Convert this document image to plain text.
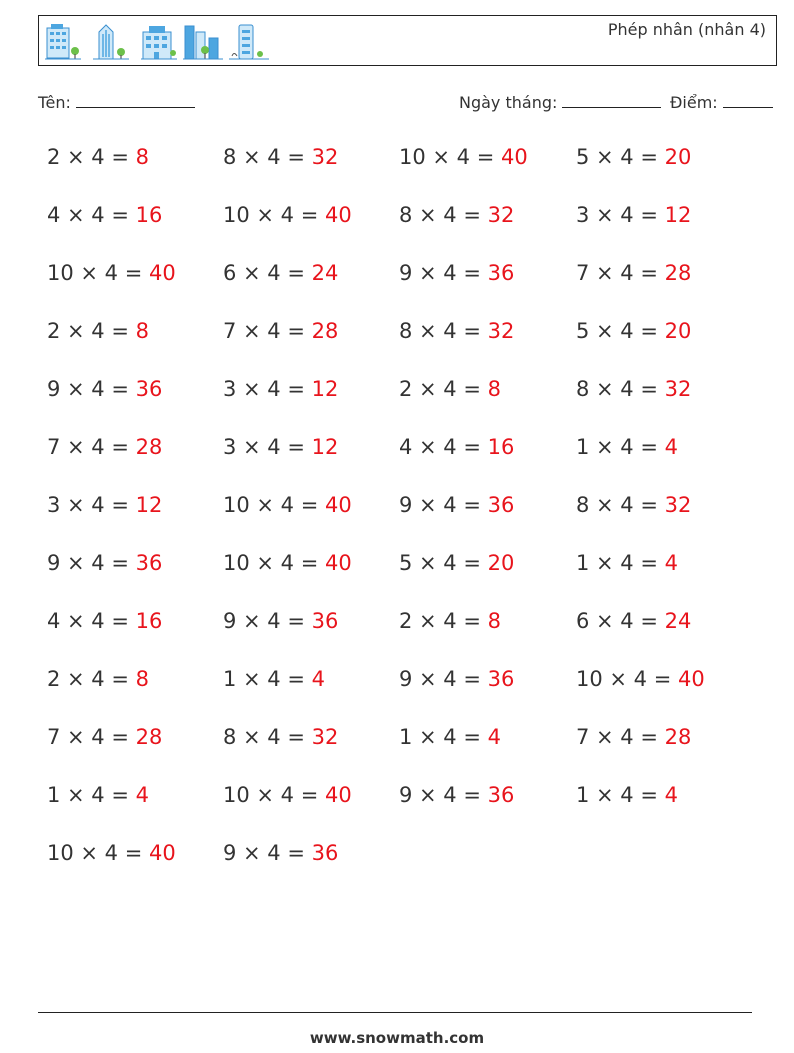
Phép nhân (nhân 4)
Tên:	Ngày tháng:	Điểm:
2 × 4 = 8	8 × 4 = 32	10 × 4 = 40 5 × 4 = 20
4 × 4 = 16	10 × 4 = 40 8 × 4 = 32	3 × 4 = 12
10 × 4 = 40 6 × 4 = 24	9 × 4 = 36	7 × 4 = 28
2 × 4 = 8	7 × 4 = 28	8 × 4 = 32	5 × 4 = 20
9 × 4 = 36	3 × 4 = 12	2 × 4 = 8	8 × 4 = 32
7 × 4 = 28	3 × 4 = 12	4 × 4 = 16	1 × 4 = 4
3 × 4 = 12	10 × 4 = 40 9 × 4 = 36	8 × 4 = 32
9 × 4 = 36	10 × 4 = 40 5 × 4 = 20	1 × 4 = 4
4 × 4 = 16	9 × 4 = 36	2 × 4 = 8	6 × 4 = 24
2 × 4 = 8	1 × 4 = 4	9 × 4 = 36	10 × 4 = 40
7 × 4 = 28	8 × 4 = 32	1 × 4 = 4	7 × 4 = 28
1 × 4 = 4	10 × 4 = 40 9 × 4 = 36	1 × 4 = 4
10 × 4 = 40 9 × 4 = 36
www.snowmath.com
